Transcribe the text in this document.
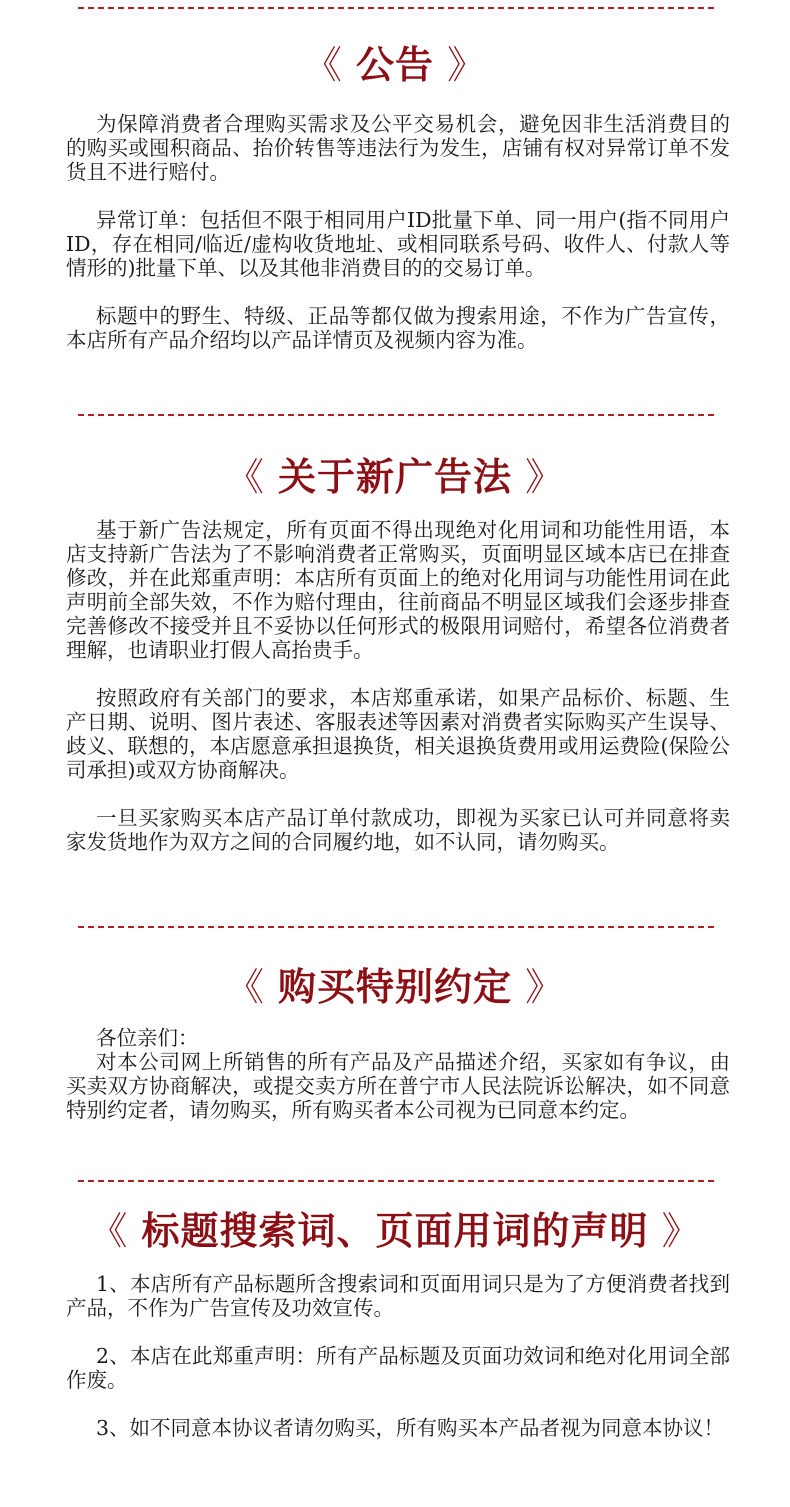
《 公告 》

为保障消费者合理购买需求及公平交易机会，避免因非生活消费目的的购买或囤积商品、抬价转售等违法行为发生，店铺有权对异常订单不发货且不进行赔付。

异常订单：包括但不限于相同用户ID批量下单、同一用户(指不同用户ID，存在相同/临近/虚构收货地址、或相同联系号码、收件人、付款人等情形的)批量下单、以及其他非消费目的的交易订单。

标题中的野生、特级、正品等都仅做为搜索用途，不作为广告宣传，本店所有产品介绍均以产品详情页及视频内容为准。

《 关于新广告法 》

基于新广告法规定，所有页面不得出现绝对化用词和功能性用语，本店支持新广告法为了不影响消费者正常购买，页面明显区域本店已在排查修改，并在此郑重声明：本店所有页面上的绝对化用词与功能性用词在此声明前全部失效，不作为赔付理由，往前商品不明显区域我们会逐步排查完善修改不接受并且不妥协以任何形式的极限用词赔付，希望各位消费者理解，也请职业打假人高抬贵手。

按照政府有关部门的要求，本店郑重承诺，如果产品标价、标题、生产日期、说明、图片表述、客服表述等因素对消费者实际购买产生误导、歧义、联想的，本店愿意承担退换货，相关退换货费用或用运费险(保险公司承担)或双方协商解决。

一旦买家购买本店产品订单付款成功，即视为买家已认可并同意将卖家发货地作为双方之间的合同履约地，如不认同，请勿购买。

《 购买特别约定 》

各位亲们：

对本公司网上所销售的所有产品及产品描述介绍，买家如有争议，由买卖双方协商解决，或提交卖方所在普宁市人民法院诉讼解决，如不同意特别约定者，请勿购买，所有购买者本公司视为已同意本约定。

《 标题搜索词、页面用词的声明 》

1、本店所有产品标题所含搜索词和页面用词只是为了方便消费者找到产品，不作为广告宣传及功效宣传。

2、本店在此郑重声明：所有产品标题及页面功效词和绝对化用词全部作废。

3、如不同意本协议者请勿购买，所有购买本产品者视为同意本协议！
